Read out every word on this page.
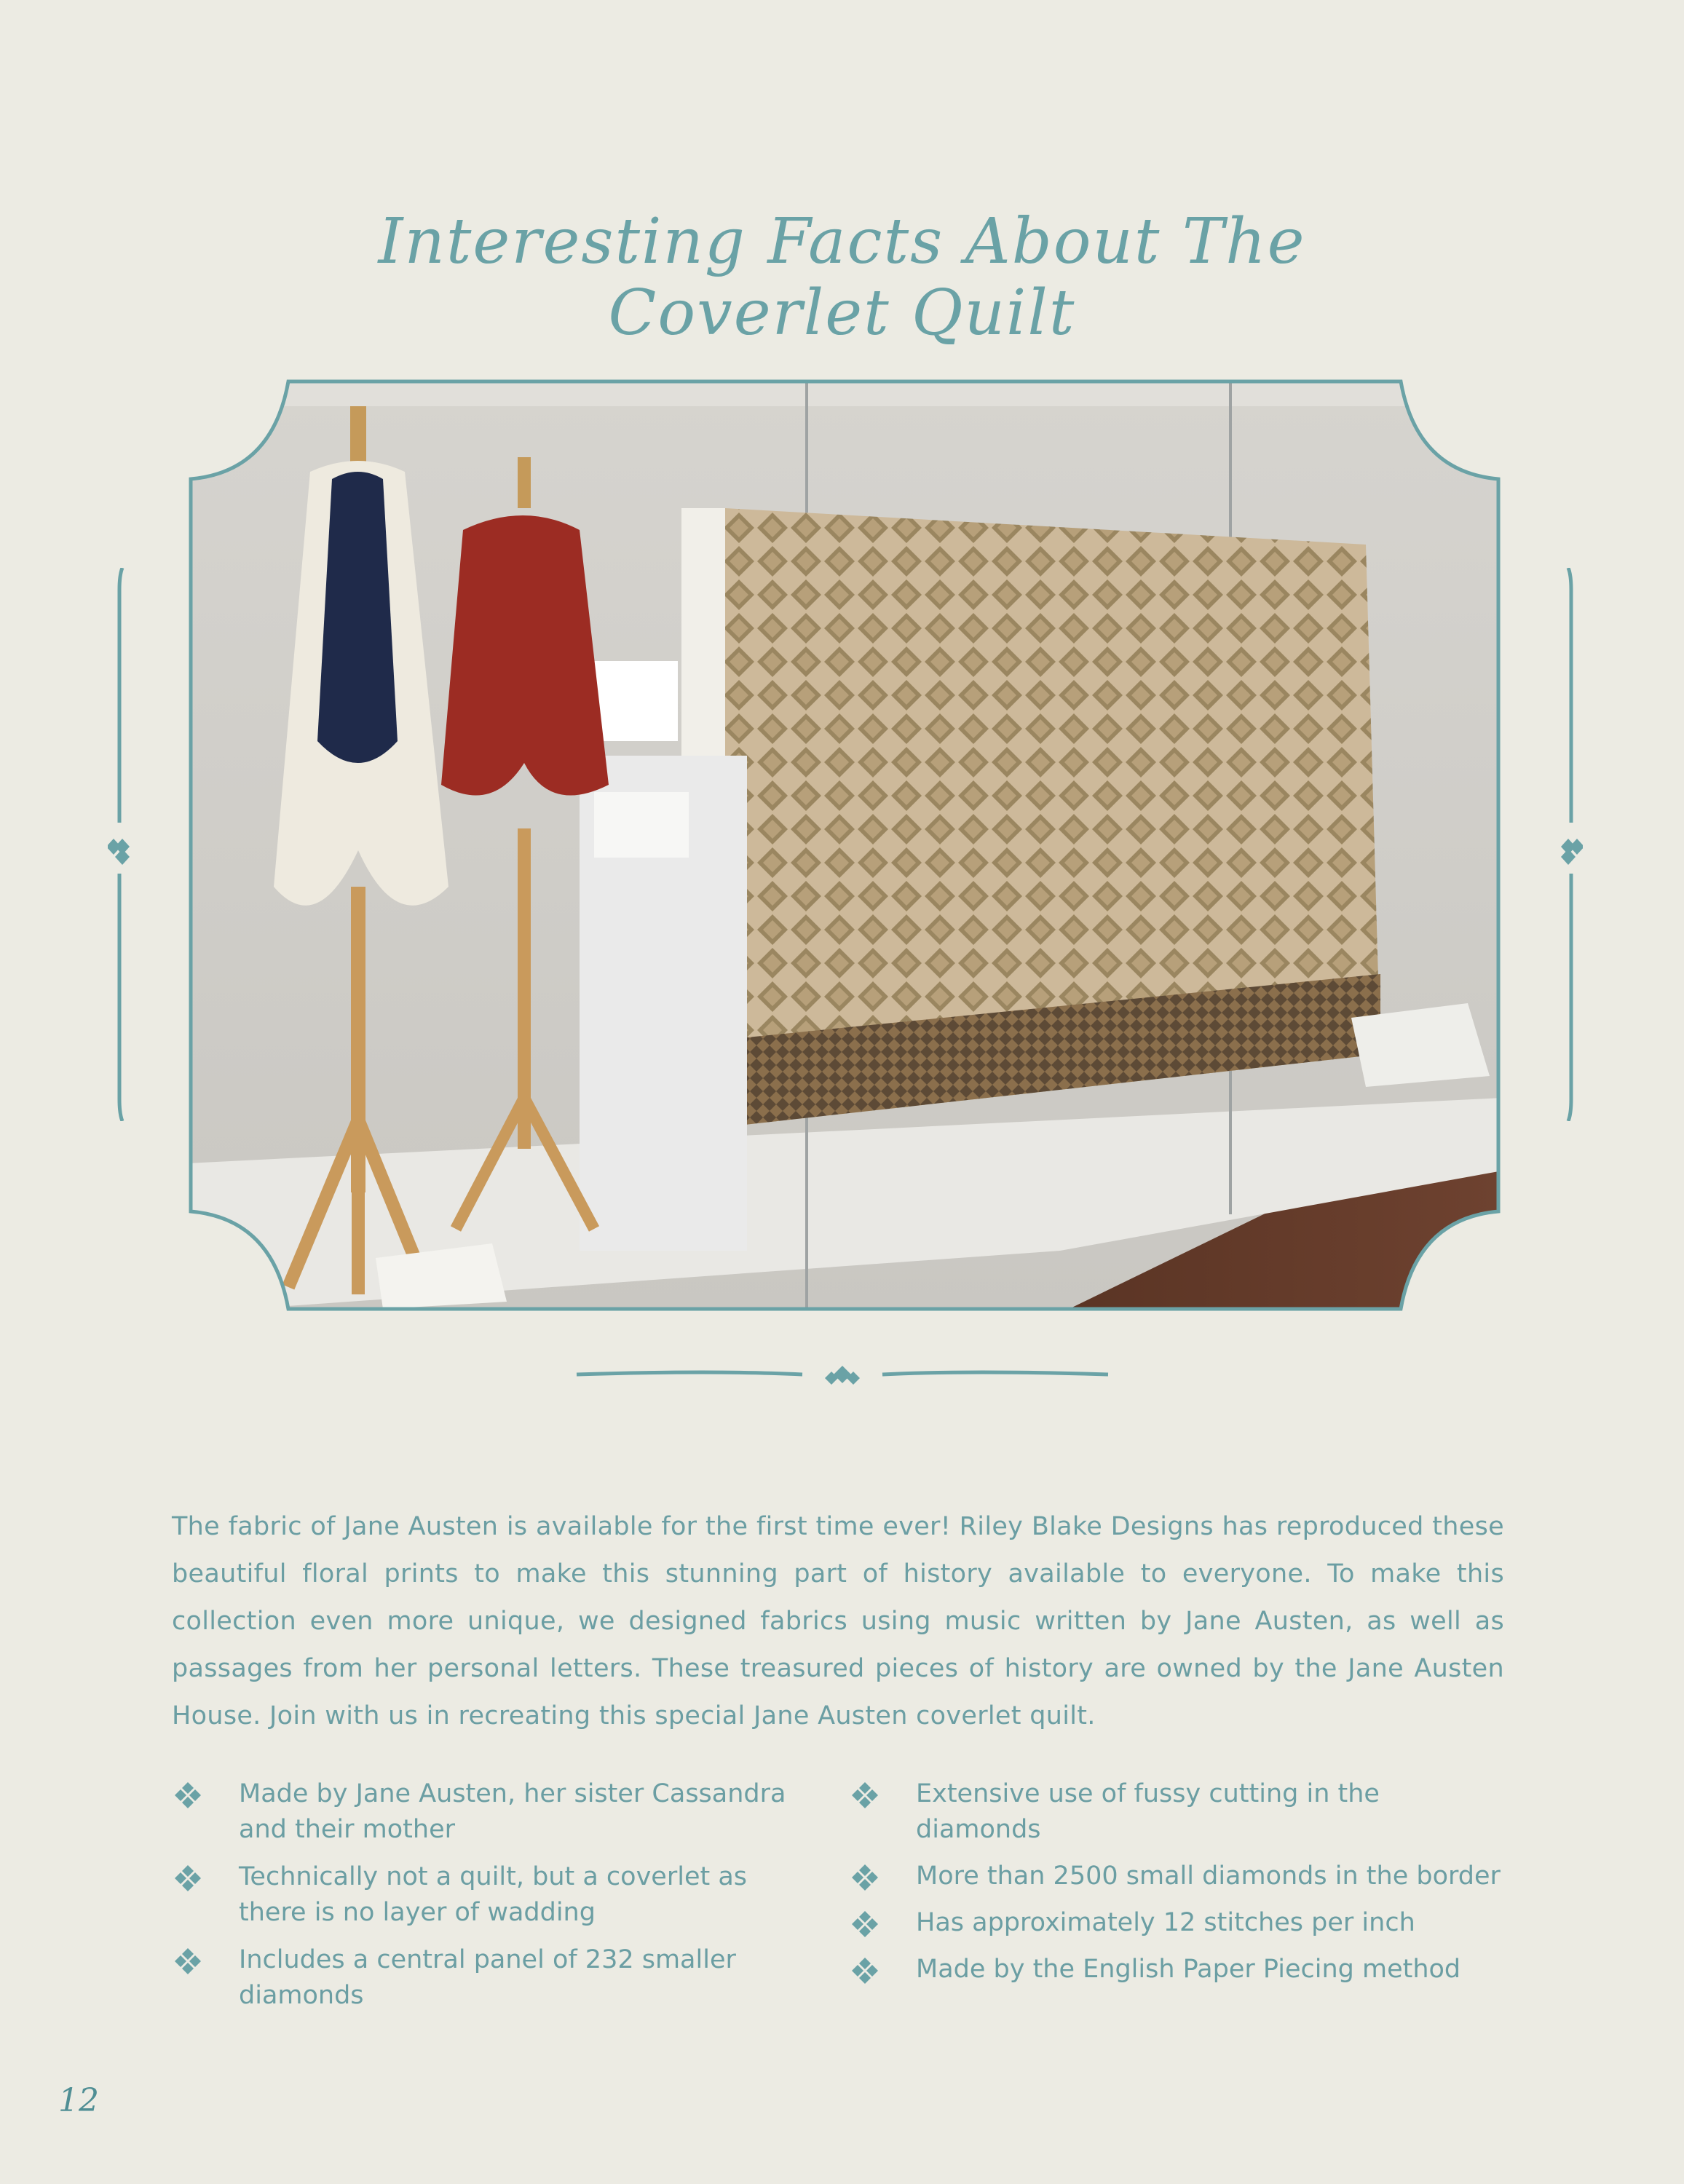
Interesting Facts About The
Coverlet Quilt

The fabric of Jane Austen is available for the first time ever! Riley Blake Designs has reproduced these beautiful floral prints to make this stunning part of history available to everyone. To make this collection even more unique, we designed fabrics using music written by Jane Austen, as well as passages from her personal letters. These treasured pieces of history are owned by the Jane Austen House. Join with us in recreating this special Jane Austen coverlet quilt.

Made by Jane Austen, her sister Cassandra and their mother
Technically not a quilt, but a coverlet as there is no layer of wadding
Includes a central panel of 232 smaller diamonds
Extensive use of fussy cutting in the diamonds
More than 2500 small diamonds in the border
Has approximately 12 stitches per inch
Made by the English Paper Piecing method
12
